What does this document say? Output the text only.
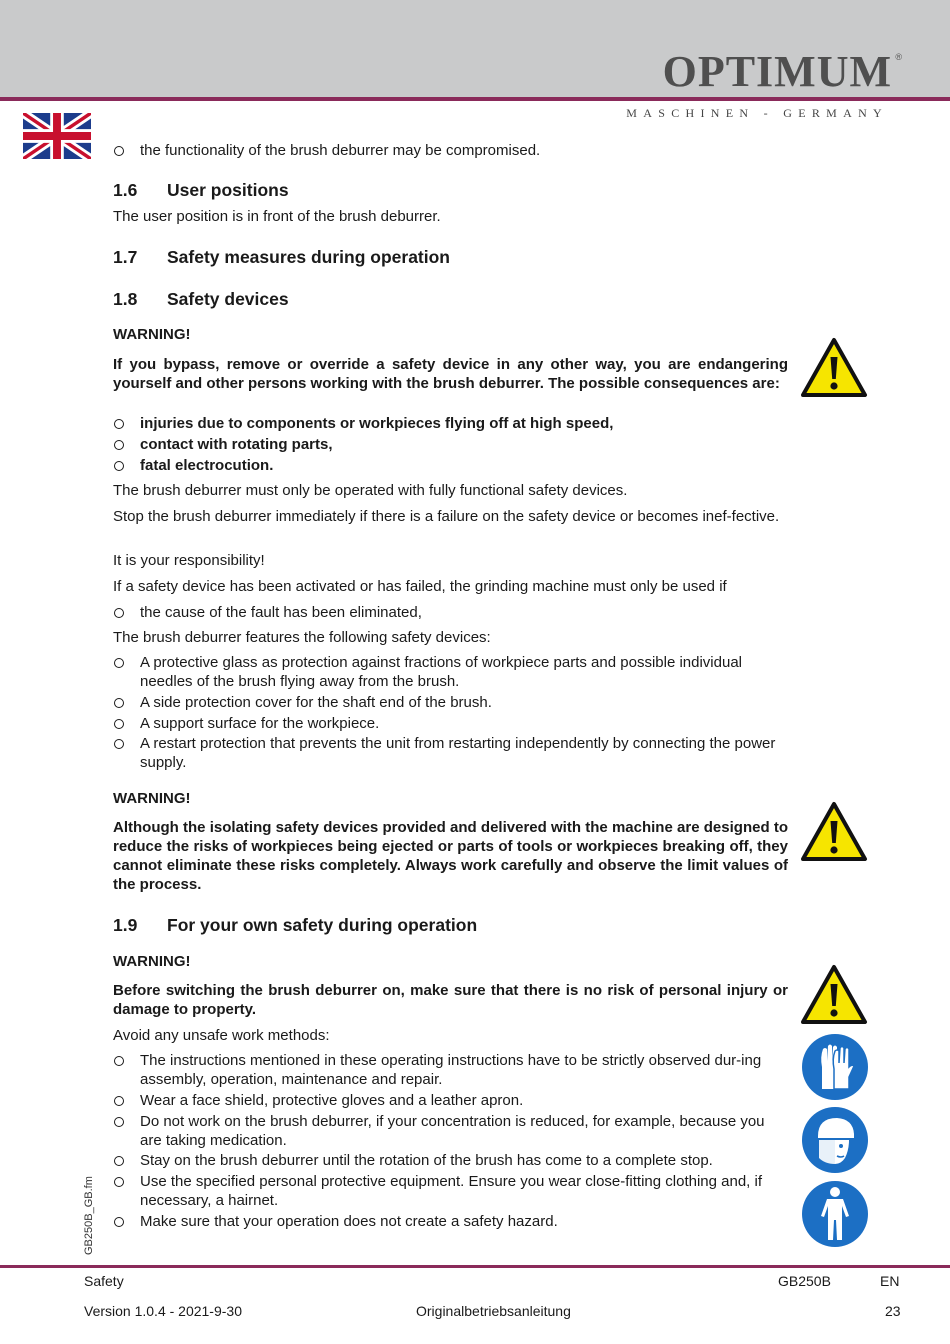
OPTIMUM ®
MASCHINEN - GERMANY
GB250B_GB.fm
the functionality of the brush deburrer may be compromised.
1.6 User positions
The user position is in front of the brush deburrer.
1.7 Safety measures during operation
1.8 Safety devices
WARNING!
If you bypass, remove or override a safety device in any other way, you are endangering yourself and other persons working with the brush deburrer. The possible consequences are:
injuries due to components or workpieces flying off at high speed,
contact with rotating parts,
fatal electrocution.
The brush deburrer must only be operated with fully functional safety devices.
Stop the brush deburrer immediately if there is a failure on the safety device or becomes inef-fective.
It is your responsibility!
If a safety device has been activated or has failed, the grinding machine must only be used if
the cause of the fault has been eliminated,
The brush deburrer features the following safety devices:
A protective glass as protection against fractions of workpiece parts and possible individual needles of the brush flying away from the brush.
A side protection cover for the shaft end of the brush.
A support surface for the workpiece.
A restart protection that prevents the unit from restarting independently by connecting the power supply.
WARNING!
Although the isolating safety devices provided and delivered with the machine are designed to reduce the risks of workpieces being ejected or parts of tools or workpieces breaking off, they cannot eliminate these risks completely. Always work carefully and observe the limit values of the process.
1.9 For your own safety during operation
WARNING!
Before switching the brush deburrer on, make sure that there is no risk of personal injury or damage to property.
Avoid any unsafe work methods:
The instructions mentioned in these operating instructions have to be strictly observed dur-ing assembly, operation, maintenance and repair.
Wear a face shield, protective gloves and a leather apron.
Do not work on the brush deburrer, if your concentration is reduced, for example, because you are taking medication.
Stay on the brush deburrer until the rotation of the brush has come to a complete stop.
Use the specified personal protective equipment. Ensure you wear close-fitting clothing and, if necessary, a hairnet.
Make sure that your operation does not create a safety hazard.
Safety	GB250B	EN
Version 1.0.4 - 2021-9-30	Originalbetriebsanleitung	23
